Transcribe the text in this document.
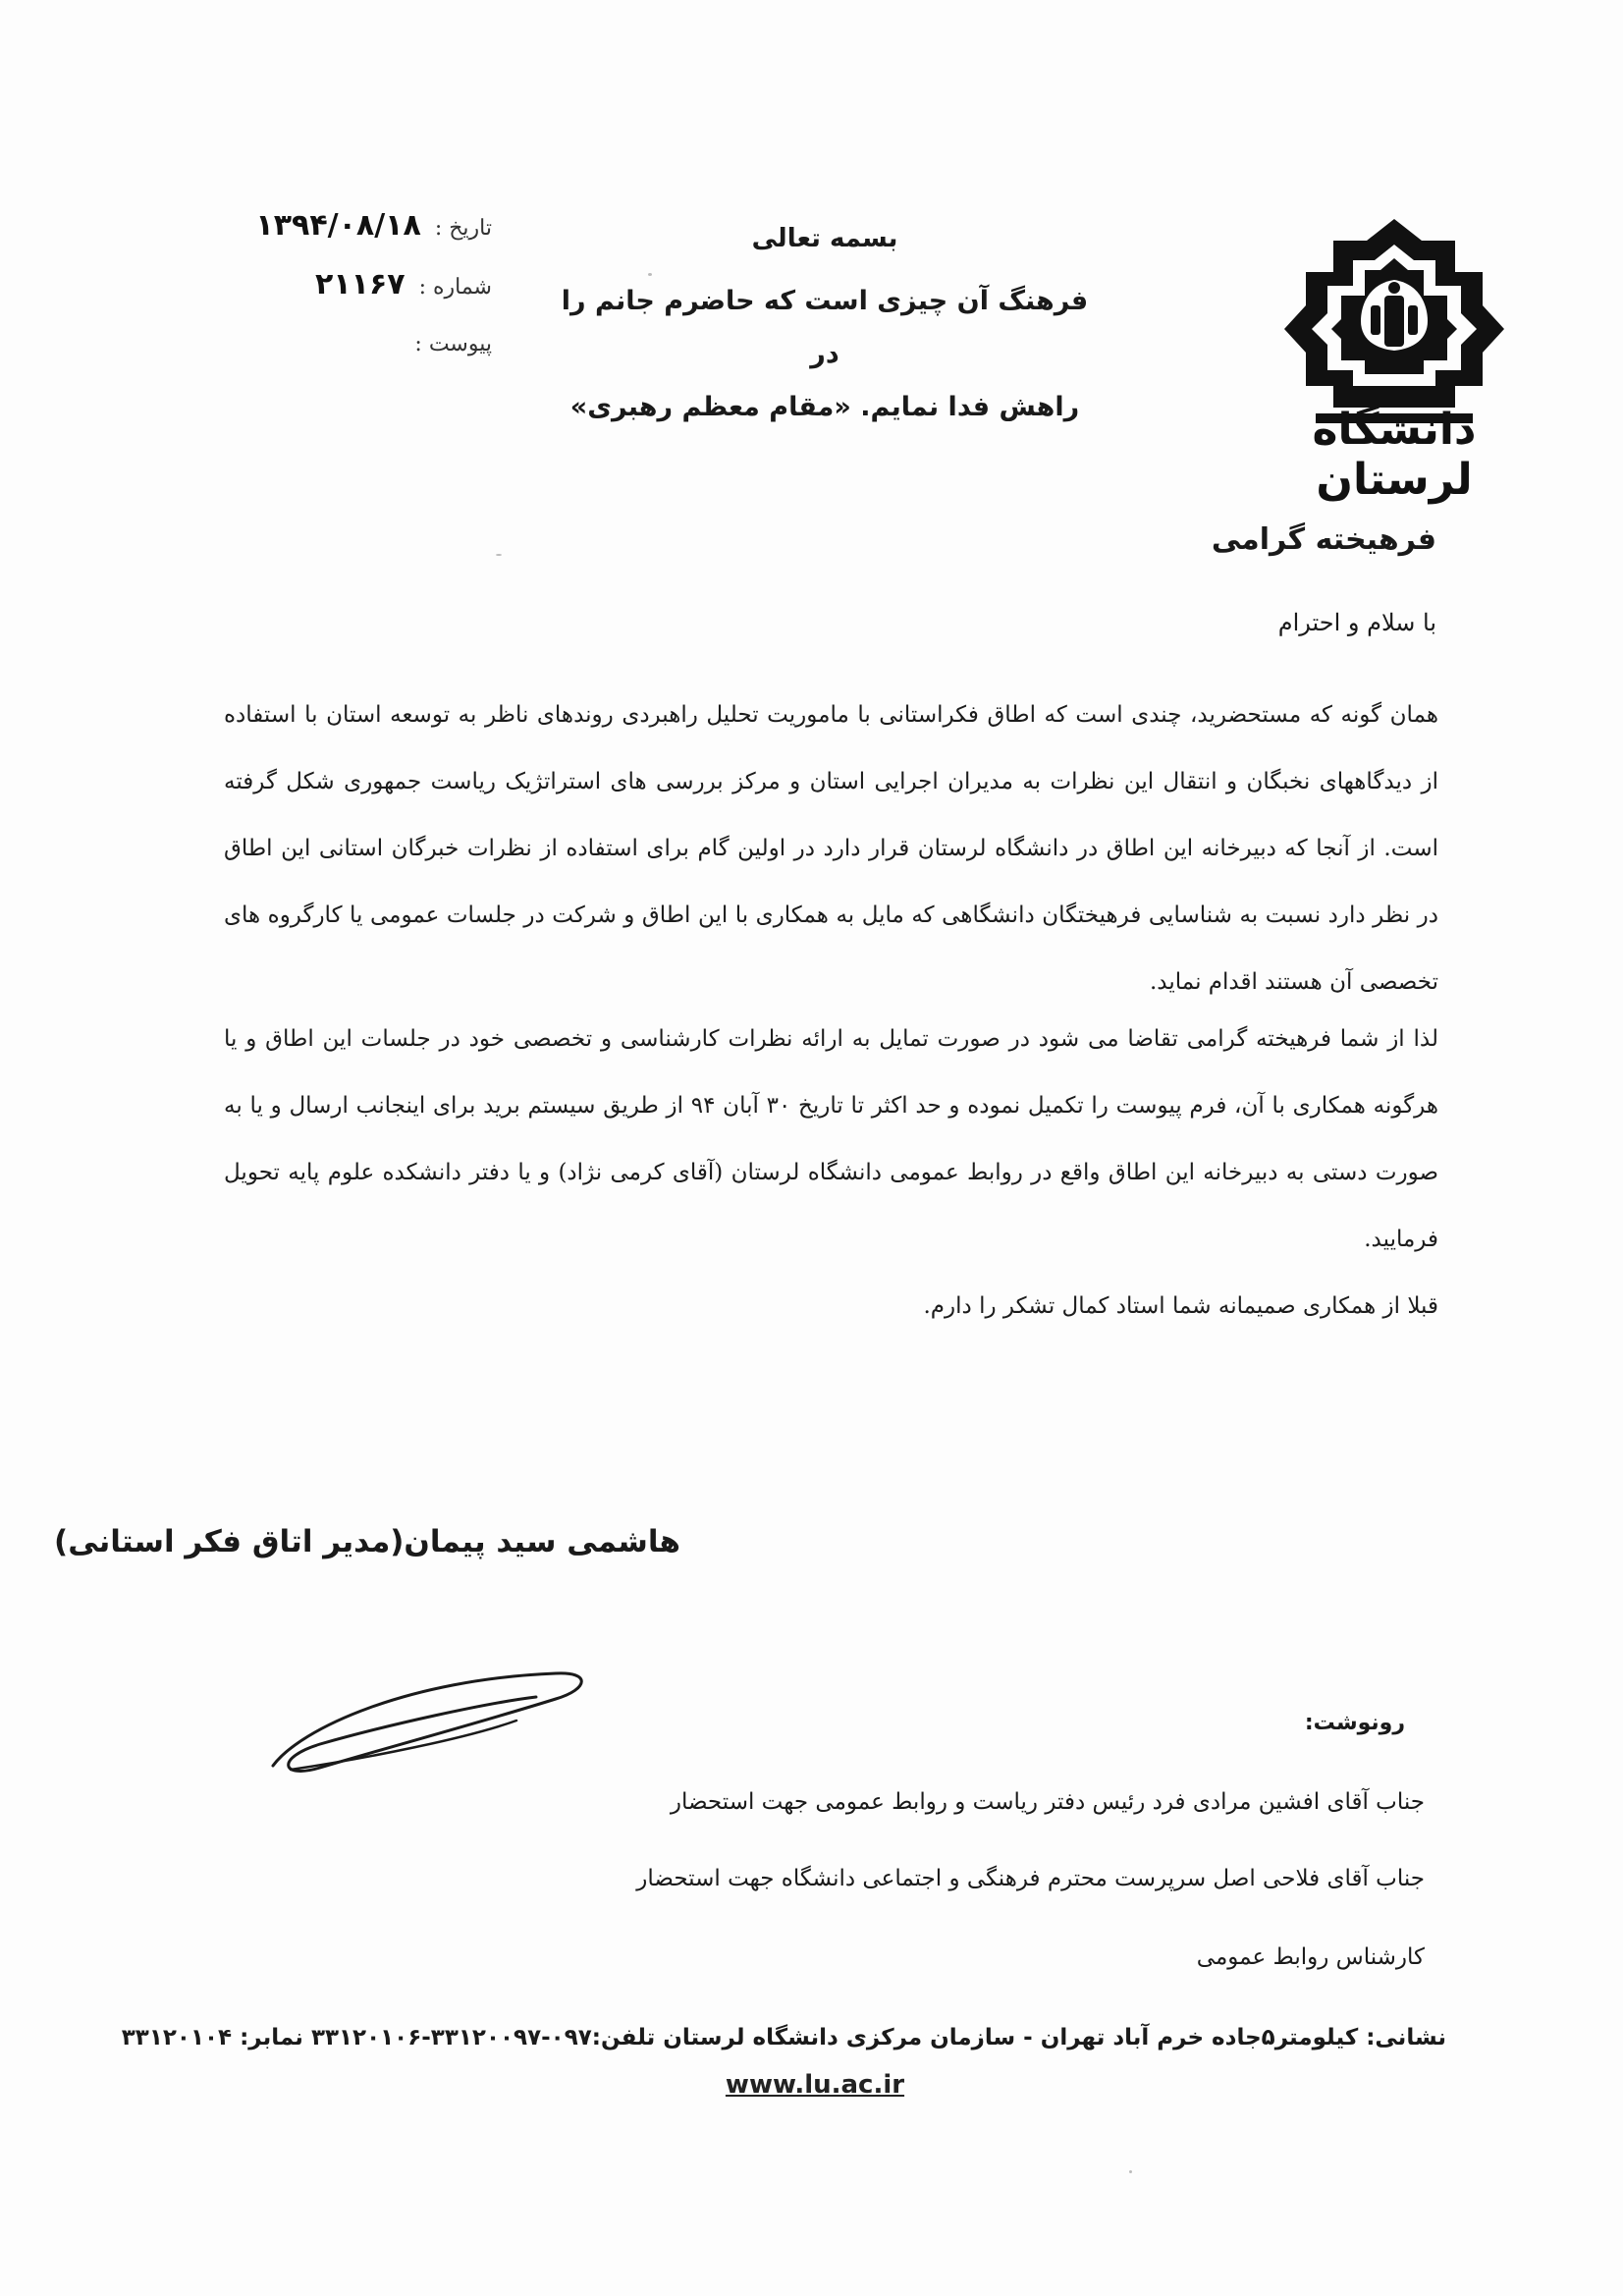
تاریخ :
۱۳۹۴/۰۸/۱۸
شماره :
۲۱۱۶۷
پیوست :
بسمه تعالی
فرهنگ آن چیزی است که حاضرم جانم را در
راهش فدا نمایم. «مقام معظم رهبری»	دانشگاه لرستان
فرهیخته گرامی
با سلام و احترام
همان گونه که مستحضرید، چندی است که اطاق فکراستانی با ماموریت تحلیل راهبردی روندهای ناظر به توسعه استان با استفاده از دیدگاههای نخبگان و انتقال این نظرات به مدیران اجرایی استان و مرکز بررسی های استراتژیک ریاست جمهوری شکل گرفته است. از آنجا که دبیرخانه این اطاق در دانشگاه لرستان قرار دارد در اولین گام برای استفاده از نظرات خبرگان استانی این اطاق در نظر دارد نسبت به شناسایی فرهیختگان دانشگاهی که مایل به همکاری با این اطاق و شرکت در جلسات عمومی یا کارگروه های تخصصی آن هستند اقدام نماید.
لذا از شما فرهیخته گرامی تقاضا می شود در صورت تمایل به ارائه نظرات کارشناسی و تخصصی خود در جلسات این اطاق و یا هرگونه همکاری با آن، فرم پیوست را تکمیل نموده و حد اکثر تا تاریخ ۳۰ آبان ۹۴ از طریق سیستم برید برای اینجانب ارسال و یا به صورت دستی به دبیرخانه این اطاق واقع در روابط عمومی دانشگاه لرستان (آقای کرمی نژاد) و یا دفتر دانشکده علوم پایه تحویل فرمایید.
قبلا از همکاری صمیمانه شما استاد کمال تشکر را دارم.
هاشمی سید پیمان(مدیر اتاق فکر استانی)
رونوشت:
جناب آقای افشین مرادی فرد رئیس دفتر ریاست و روابط عمومی جهت استحضار
جناب آقای فلاحی اصل سرپرست محترم فرهنگی و اجتماعی دانشگاه جهت استحضار
کارشناس روابط عمومی
نشانی: کیلومتر۵جاده خرم آباد تهران - سازمان مرکزی دانشگاه لرستان تلفن:۰۹۷-۳۳۱۲۰۰۹۷-۳۳۱۲۰۱۰۶ نمابر: ۳۳۱۲۰۱۰۴
www.lu.ac.ir
